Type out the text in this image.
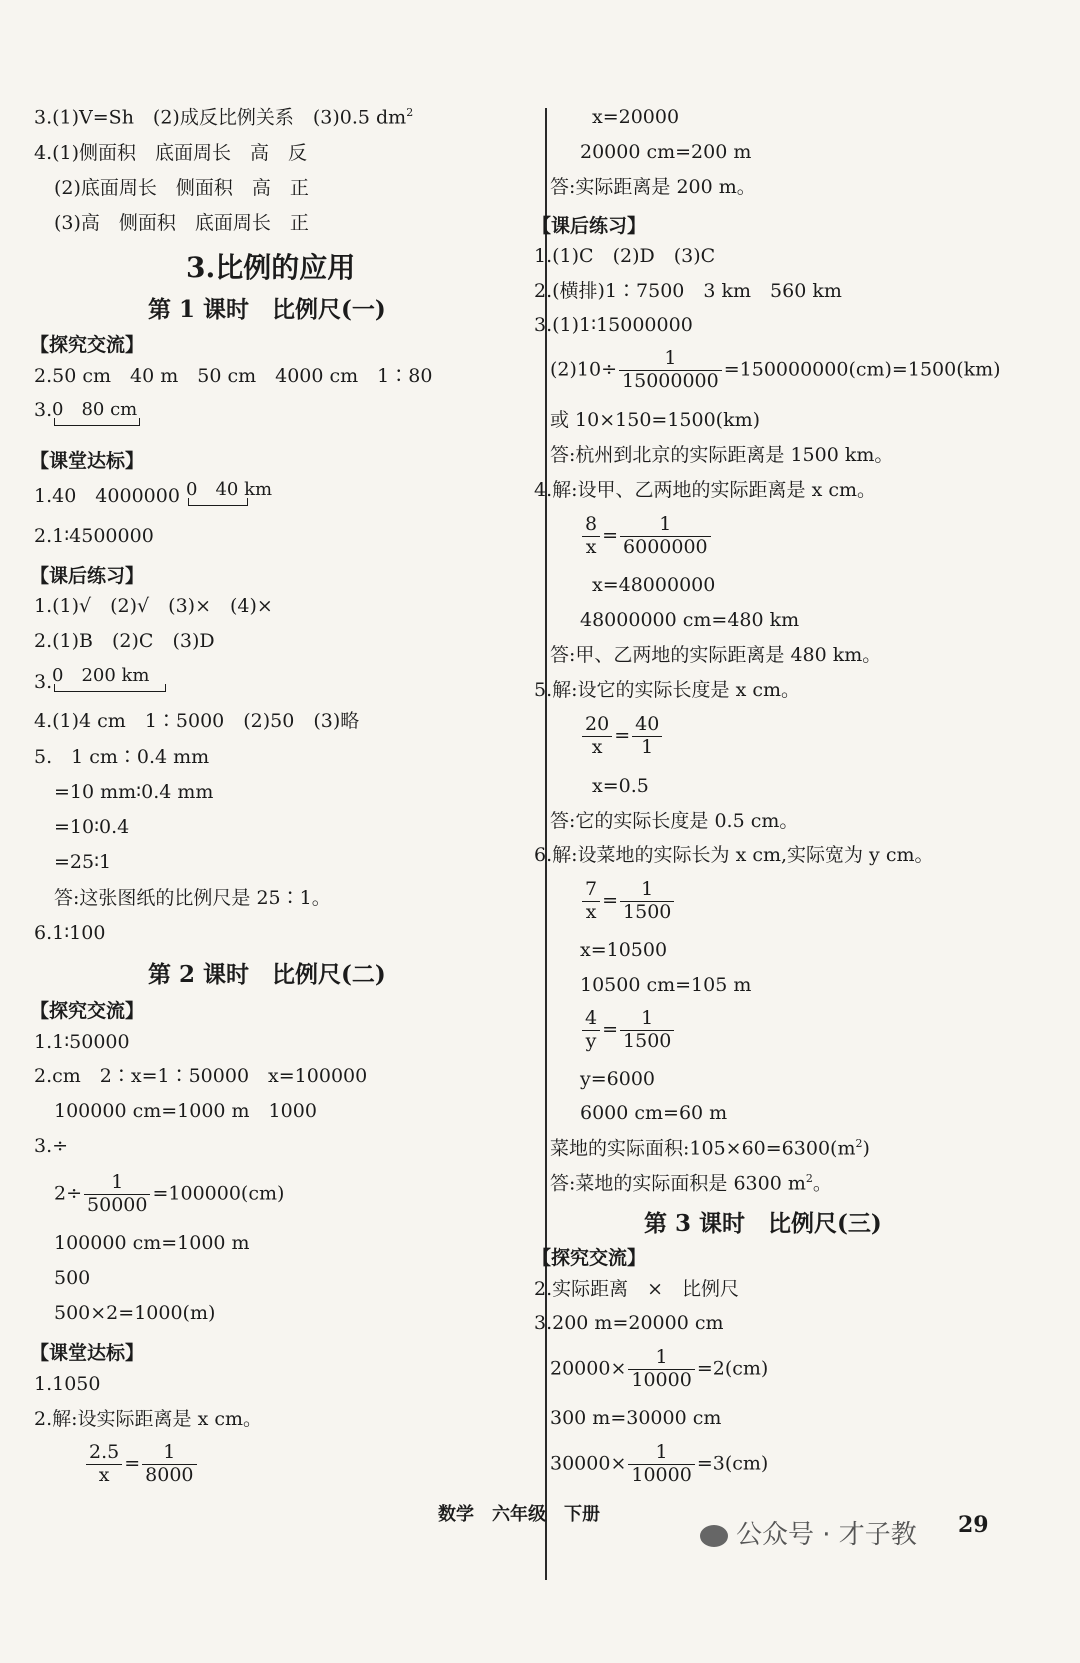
3.(1)V=Sh　(2)成反比例关系　(3)0.5 $dm^2$
4.(1)侧面积　底面周长　高　反
(2)底面周长　侧面积　高　正
(3)高　侧面积　底面周长　正
3.比例的应用
第 1 课时　比例尺(一)
【探究交流】
2.50 cm　40 m　50 cm　4000 cm　1∶80
3. 0　80 cm
【课堂达标】
1.40　4000000 0　40 km
2.1∶4500000
【课后练习】
1.(1)√　(2)√　(3)×　(4)×
2.(1)B　(2)C　(3)D
3. 0　200 km
4.(1)4 cm　1∶5000　(2)50　(3)略
5.　1 cm∶0.4 mm
=10 mm∶0.4 mm
=10∶0.4
=25∶1
答:这张图纸的比例尺是 25∶1。
6.1∶100
第 2 课时　比例尺(二)
【探究交流】
1.1∶50000
2.cm　2∶x=1∶50000　x=100000
100000 cm=1000 m　1000
3.÷
$2\div \frac{1}{50000} =100000(cm)$
100000 cm=1000 m
500
500×2=1000(m)
【课堂达标】
1.1050
2.解:设实际距离是 x cm。
$\frac{2.5}{x} = \frac{1}{8000}$
x=20000
20000 cm=200 m
答:实际距离是 200 m。
【课后练习】
1.(1)C　(2)D　(3)C
2.(横排)1∶7500　3 km　560 km
3.(1)1∶15000000
$(2)10\div \frac{1}{15000000} =150000000(cm)=1500(km)$
或 10×150=1500(km)
答:杭州到北京的实际距离是 1500 km。
4.解:设甲、乙两地的实际距离是 x cm。
$\frac{8}{x} = \frac{1}{6000000}$
x=48000000
48000000 cm=480 km
答:甲、乙两地的实际距离是 480 km。
5.解:设它的实际长度是 x cm。
$\frac{20}{x} = \frac{40}{1}$
x=0.5
答:它的实际长度是 0.5 cm。
6.解:设菜地的实际长为 x cm,实际宽为 y cm。
$\frac{7}{x} = \frac{1}{1500}$
x=10500
10500 cm=105 m
$\frac{4}{y} = \frac{1}{1500}$
y=6000
6000 cm=60 m
菜地的实际面积$:105\times 60=6300(m^2)$
答:菜地的实际面积是 6300 $m^2$。
第 3 课时　比例尺(三)
【探究交流】
2.实际距离　×　比例尺
3.200 m=20000 cm
$20000\times \frac{1}{10000} =2(cm)$
300 m=30000 cm
$30000\times \frac{1}{10000} =3(cm)$
数学　六年级　下册
公众号 · 才子教 29
